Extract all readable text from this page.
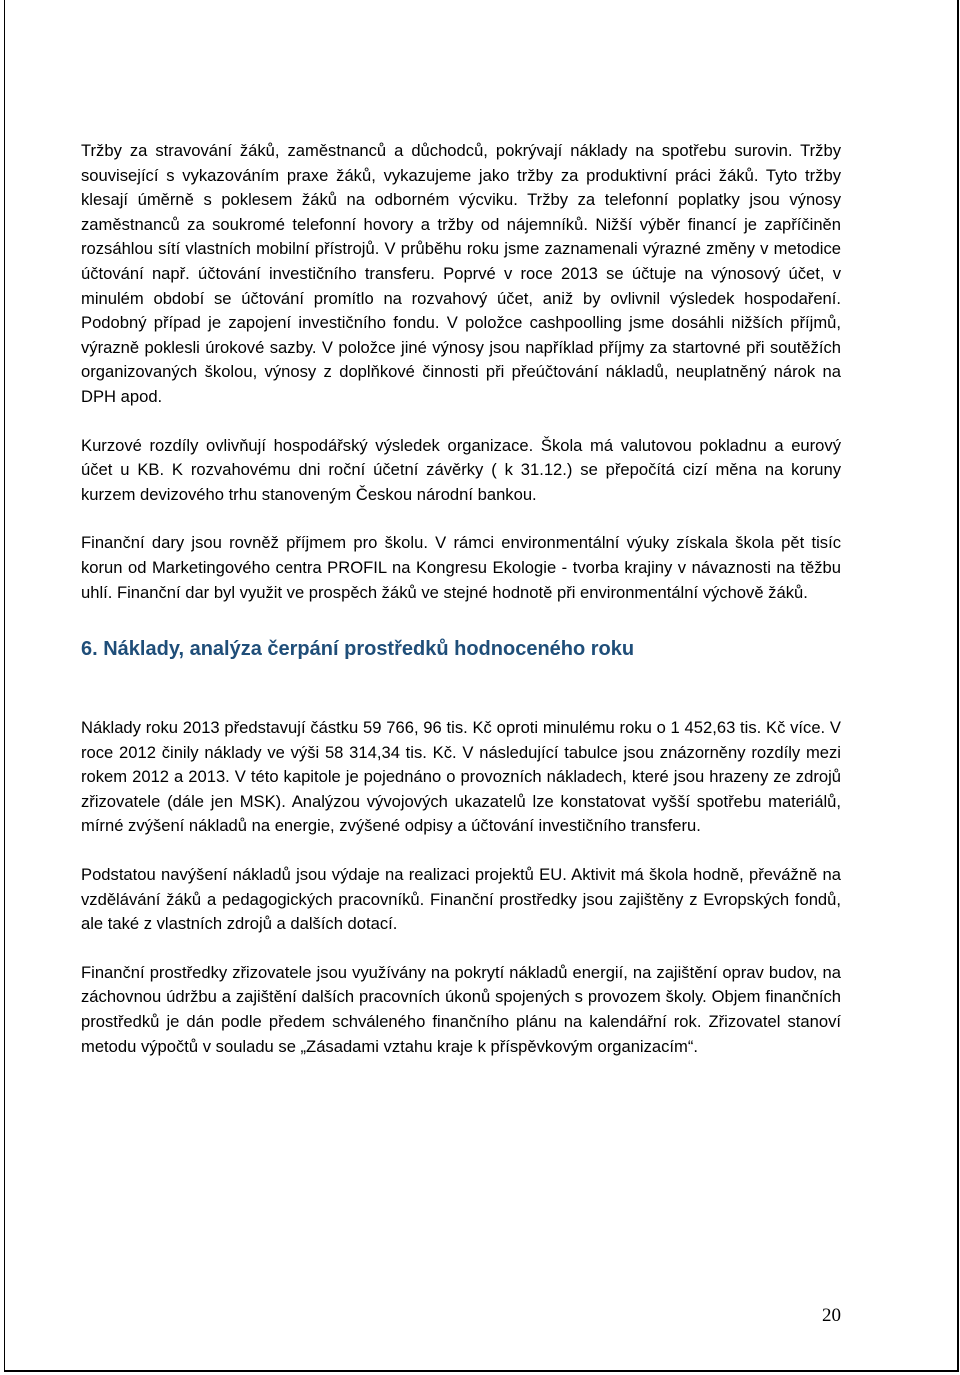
Tržby za stravování žáků, zaměstnanců a důchodců, pokrývají náklady na spotřebu surovin. Tržby související s vykazováním praxe žáků, vykazujeme jako tržby za produktivní práci žáků. Tyto tržby klesají úměrně s poklesem žáků na odborném výcviku. Tržby za telefonní poplatky jsou výnosy zaměstnanců za soukromé telefonní hovory a tržby od nájemníků. Nižší výběr financí je zapříčiněn rozsáhlou sítí vlastních mobilní přístrojů. V průběhu roku jsme zaznamenali výrazné změny v metodice účtování např. účtování investičního transferu. Poprvé v roce 2013 se účtuje na výnosový účet, v minulém období se účtování promítlo na rozvahový účet, aniž by ovlivnil výsledek hospodaření. Podobný případ je zapojení investičního fondu. V položce cashpoolling jsme dosáhli nižších příjmů, výrazně poklesli úrokové sazby. V položce jiné výnosy jsou například příjmy za startovné při soutěžích organizovaných školou, výnosy z doplňkové činnosti při přeúčtování nákladů, neuplatněný nárok na DPH apod.

Kurzové rozdíly ovlivňují hospodářský výsledek organizace. Škola má valutovou pokladnu a eurový účet u KB. K rozvahovému dni roční účetní závěrky ( k 31.12.) se přepočítá cizí měna na koruny kurzem devizového trhu stanoveným Českou národní bankou.

Finanční dary jsou rovněž příjmem pro školu. V rámci environmentální výuky získala škola pět tisíc korun od Marketingového centra PROFIL na Kongresu Ekologie - tvorba krajiny v návaznosti na těžbu uhlí. Finanční dar byl využit ve prospěch žáků ve stejné hodnotě při environmentální výchově žáků.

6. Náklady, analýza čerpání prostředků hodnoceného roku

Náklady roku 2013 představují částku 59 766, 96 tis. Kč oproti minulému roku o 1 452,63 tis. Kč více. V roce 2012 činily náklady ve výši 58 314,34 tis. Kč. V následující tabulce jsou znázorněny rozdíly mezi rokem 2012 a 2013. V této kapitole je pojednáno o provozních nákladech, které jsou hrazeny ze zdrojů zřizovatele (dále jen MSK). Analýzou vývojových ukazatelů lze konstatovat vyšší spotřebu materiálů, mírné zvýšení nákladů na energie, zvýšené odpisy a účtování investičního transferu.

Podstatou navýšení nákladů jsou výdaje na realizaci projektů EU. Aktivit má škola hodně, převážně na vzdělávání žáků a pedagogických pracovníků. Finanční prostředky jsou zajištěny z Evropských fondů, ale také z vlastních zdrojů a dalších dotací.

Finanční prostředky zřizovatele jsou využívány na pokrytí nákladů energií, na zajištění oprav budov, na záchovnou údržbu a zajištění dalších pracovních úkonů spojených s provozem školy. Objem finančních prostředků je dán podle předem schváleného finančního plánu na kalendářní rok. Zřizovatel stanoví metodu výpočtů v souladu se „Zásadami vztahu kraje k příspěvkovým organizacím“.

20
